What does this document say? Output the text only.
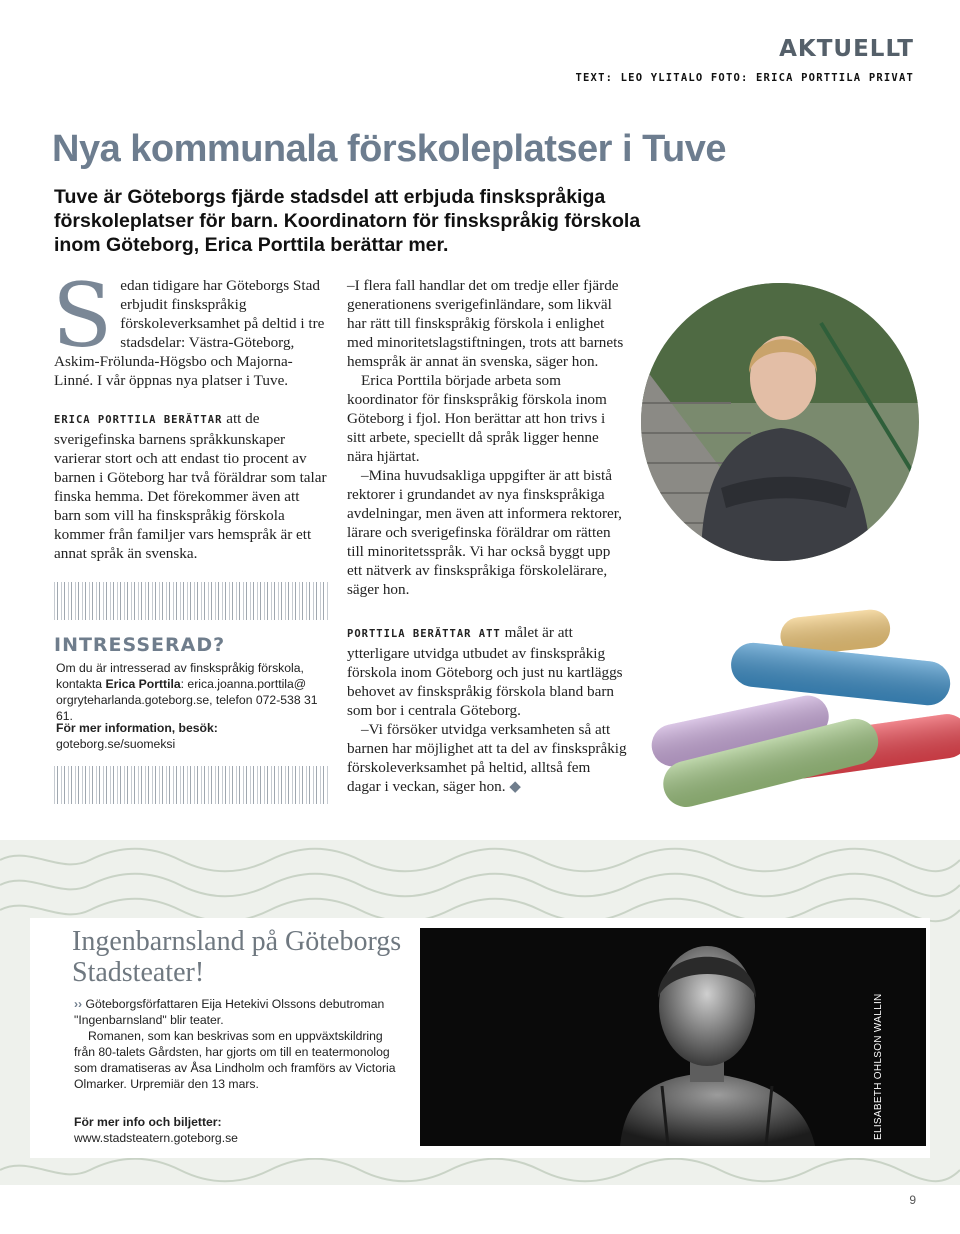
AKTUELLT
TEXT: LEO YLITALO FOTO: ERICA PORTTILA PRIVAT
Nya kommunala förskoleplatser i Tuve
Tuve är Göteborgs fjärde stadsdel att erbjuda finskspråkiga förskoleplatser för barn. Koordinatorn för finskspråkig förskola inom Göteborg, Erica Porttila berättar mer.

Sedan tidigare har Göteborgs Stad erbjudit finskspråkig förskoleverksamhet på deltid i tre stadsdelar: Västra-Göteborg, Askim-Frölunda-Högsbo och Majorna-Linné. I vår öppnas nya platser i Tuve.

ERICA PORTTILA BERÄTTAR att de sverigefinska barnens språkkunskaper varierar stort och att endast tio procent av barnen i Göteborg har två föräldrar som talar finska hemma. Det förekommer även att barn som vill ha finskspråkig förskola kommer från familjer vars hemspråk är ett annat språk än svenska.

INTRESSERAD?
Om du är intresserad av finskspråkig förskola, kontakta Erica Porttila: erica.joanna.porttila@ orgryteharlanda.goteborg.se, telefon 072-538 31 61.
För mer information, besök:
goteborg.se/suomeksi

–I flera fall handlar det om tredje eller fjärde generationens sverigefinländare, som likväl har rätt till finskspråkig förskola i enlighet med minoritetslagstiftningen, trots att barnets hemspråk är annat än svenska, säger hon.

Erica Porttila började arbeta som koordinator för finskspråkig förskola inom Göteborg i fjol. Hon berättar att hon trivs i sitt arbete, speciellt då språk ligger henne nära hjärtat.

–Mina huvudsakliga uppgifter är att bistå rektorer i grundandet av nya finskspråkiga avdelningar, men även att informera rektorer, lärare och sverigefinska föräldrar om rätten till minoritetsspråk. Vi har också byggt upp ett nätverk av finskspråkiga förskolelärare, säger hon.

PORTTILA BERÄTTAR ATT målet är att ytterligare utvidga utbudet av finskspråkig förskola inom Göteborg och just nu kartläggs behovet av finskspråkig förskola bland barn som bor i centrala Göteborg.

–Vi försöker utvidga verksamheten så att barnen har möjlighet att ta del av finskspråkig förskoleverksamhet på heltid, alltså fem dagar i veckan, säger hon. ◆

Ingenbarnsland på Göteborgs Stadsteater!

›› Göteborgsförfattaren Eija Hetekivi Olssons debutroman "Ingenbarnsland" blir teater.

Romanen, som kan beskrivas som en uppväxtskildring från 80-talets Gårdsten, har gjorts om till en teatermonolog som dramatiseras av Åsa Lindholm och framförs av Victoria Olmarker. Urpremiär den 13 mars.

För mer info och biljetter:
www.stadsteatern.goteborg.se	ELISABETH OHLSON WALLIN
9
